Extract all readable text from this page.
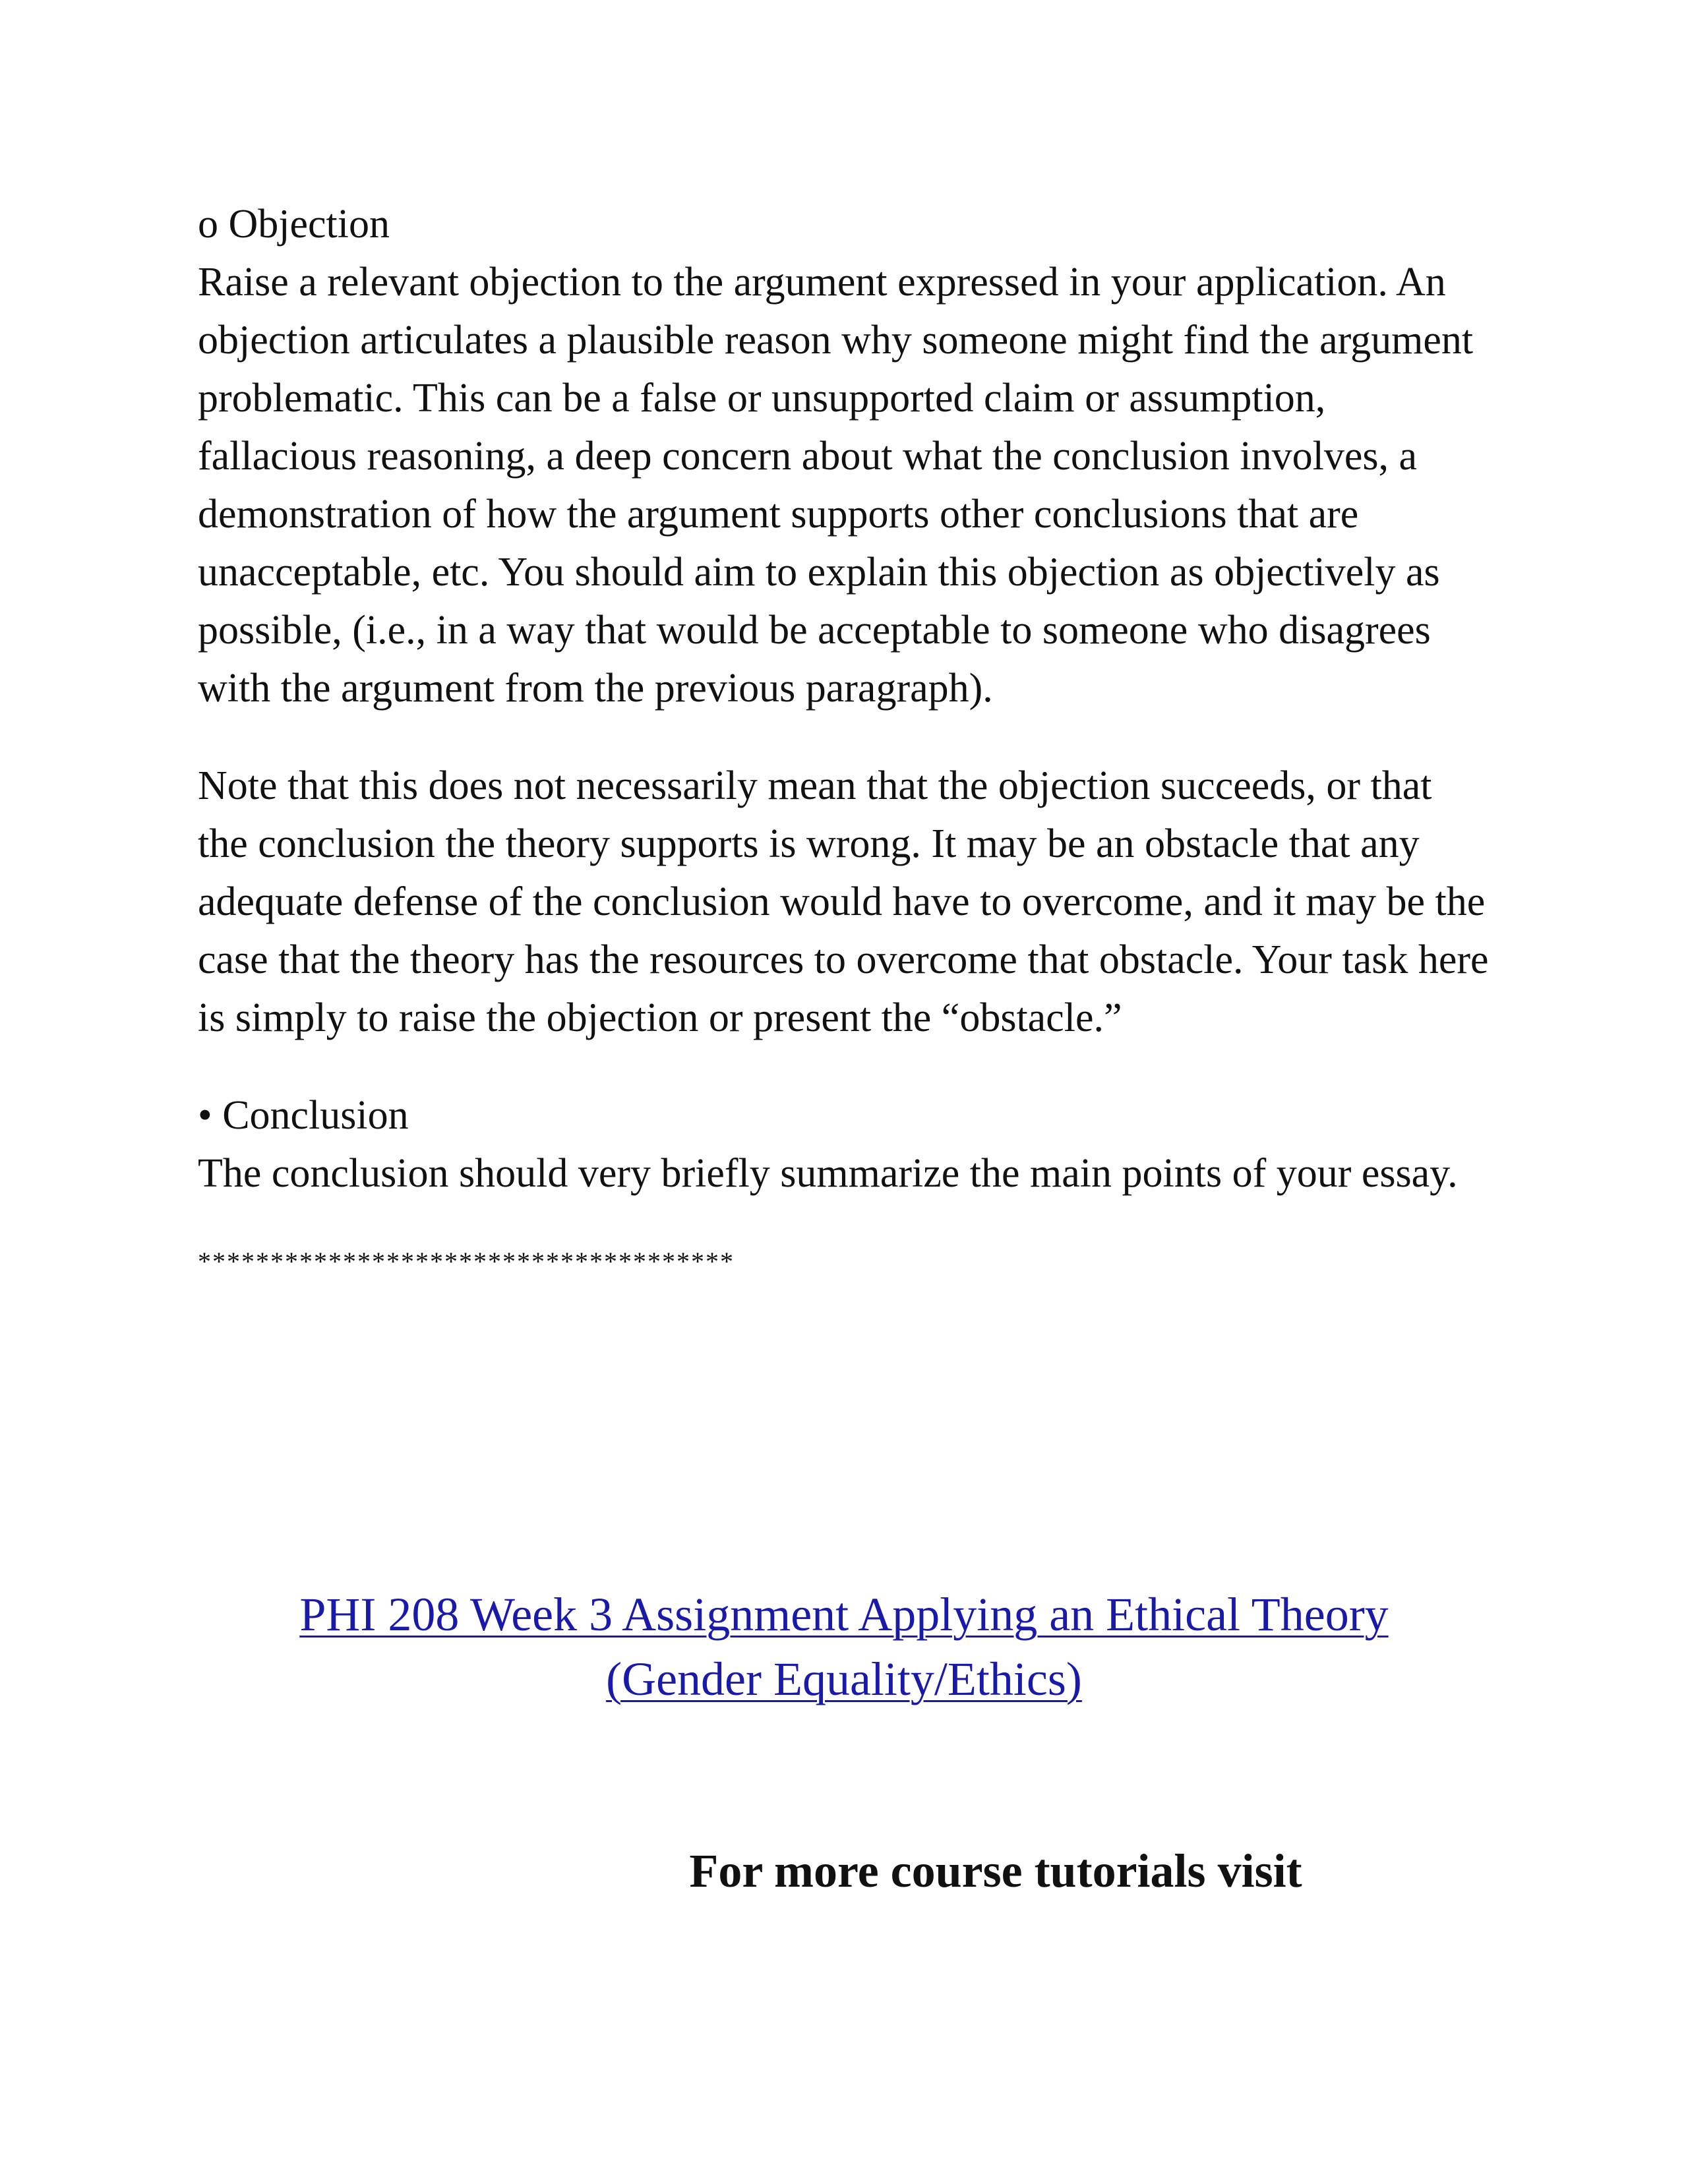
o Objection
Raise a relevant objection to the argument expressed in your application. An objection articulates a plausible reason why someone might find the argument problematic. This can be a false or unsupported claim or assumption, fallacious reasoning, a deep concern about what the conclusion involves, a demonstration of how the argument supports other conclusions that are unacceptable, etc. You should aim to explain this objection as objectively as possible, (i.e., in a way that would be acceptable to someone who disagrees with the argument from the previous paragraph).

Note that this does not necessarily mean that the objection succeeds, or that the conclusion the theory supports is wrong. It may be an obstacle that any adequate defense of the conclusion would have to overcome, and it may be the case that the theory has the resources to overcome that obstacle. Your task here is simply to raise the objection or present the “obstacle.”

• Conclusion
The conclusion should very briefly summarize the main points of your essay.

*************************************
PHI 208 Week 3 Assignment Applying an Ethical Theory
(Gender Equality/Ethics)
For more course tutorials visit
